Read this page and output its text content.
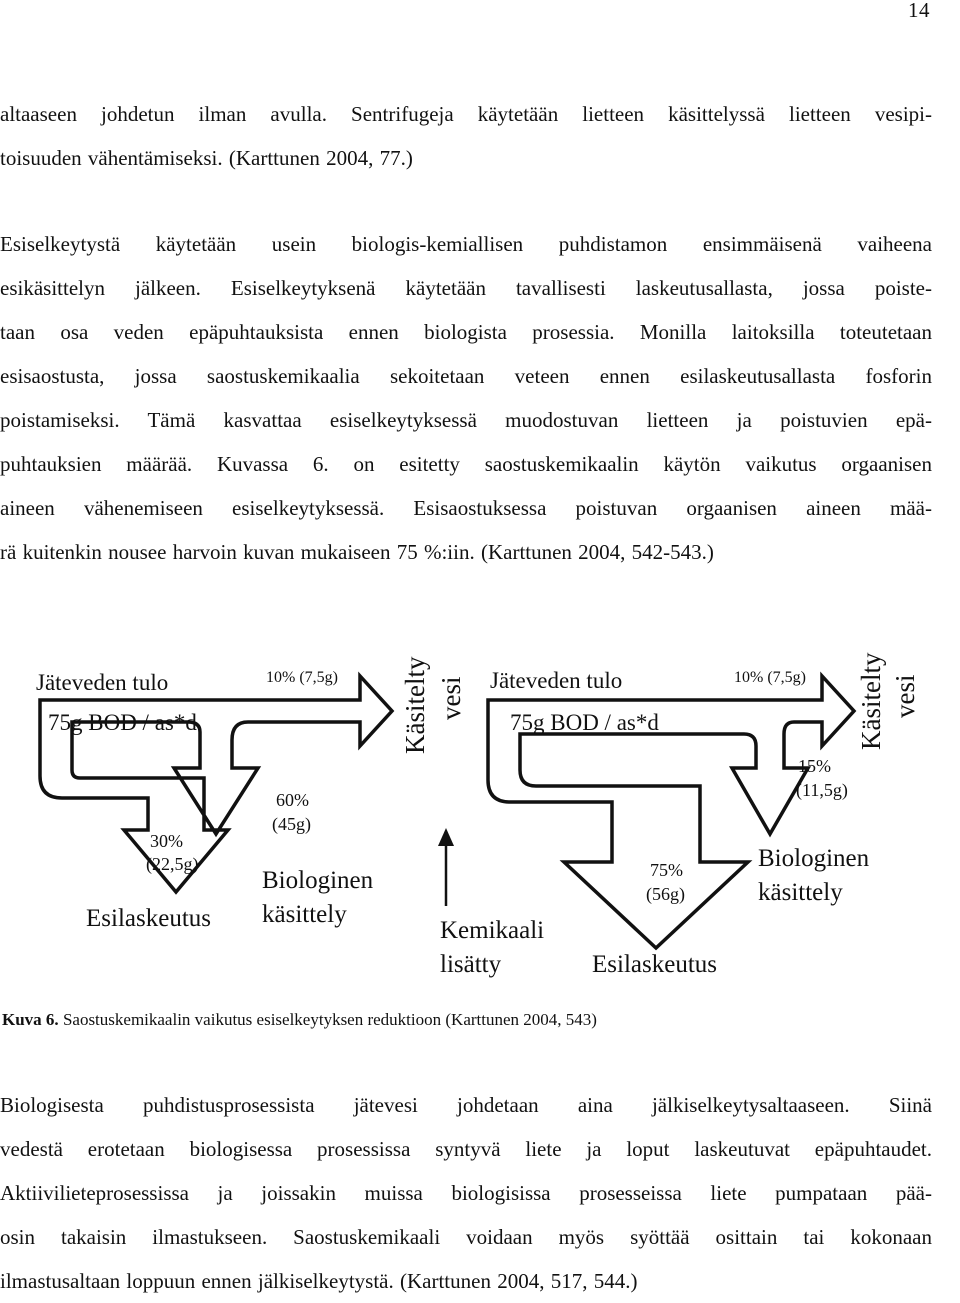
14
altaaseen johdetun ilman avulla. Sentrifugeja käytetään lietteen käsittelyssä lietteen vesipi-
toisuuden vähentämiseksi. (Karttunen 2004, 77.)
Esiselkeytystä käytetään usein biologis-kemiallisen puhdistamon ensimmäisenä vaiheena
esikäsittelyn jälkeen. Esiselkeytyksenä käytetään tavallisesti laskeutusallasta, jossa poiste-
taan osa veden epäpuhtauksista ennen biologista prosessia. Monilla laitoksilla toteutetaan
esisaostusta, jossa saostuskemikaalia sekoitetaan veteen ennen esilaskeutusallasta fosforin
poistamiseksi. Tämä kasvattaa esiselkeytyksessä muodostuvan lietteen ja poistuvien epä-
puhtauksien määrää. Kuvassa 6. on esitetty saostuskemikaalin käytön vaikutus orgaanisen
aineen vähenemiseen esiselkeytyksessä. Esisaostuksessa poistuvan orgaanisen aineen mää-
rä kuitenkin nousee harvoin kuvan mukaiseen 75 %:iin. (Karttunen 2004, 542-543.)
Jäteveden tulo
75g BOD / as*d
10% (7,5g) Käsitelty vesi
60%
(45g)
Biologinen
käsittely
30%
(22,5g)
Esilaskeutus
Jäteveden tulo
75g BOD / as*d
10% (7,5g) Käsitelty vesi
15%
(11,5g)
Biologinen
käsittely
75%
(56g)
Esilaskeutus
Kemikaali
lisätty
Kuva 6. Saostuskemikaalin vaikutus esiselkeytyksen reduktioon (Karttunen 2004, 543)
Biologisesta puhdistusprosessista jätevesi johdetaan aina jälkiselkeytysaltaaseen. Siinä
vedestä erotetaan biologisessa prosessissa syntyvä liete ja loput laskeutuvat epäpuhtaudet.
Aktiivilieteprosessissa ja joissakin muissa biologisissa prosesseissa liete pumpataan pää-
osin takaisin ilmastukseen. Saostuskemikaali voidaan myös syöttää osittain tai kokonaan
ilmastusaltaan loppuun ennen jälkiselkeytystä. (Karttunen 2004, 517, 544.)
